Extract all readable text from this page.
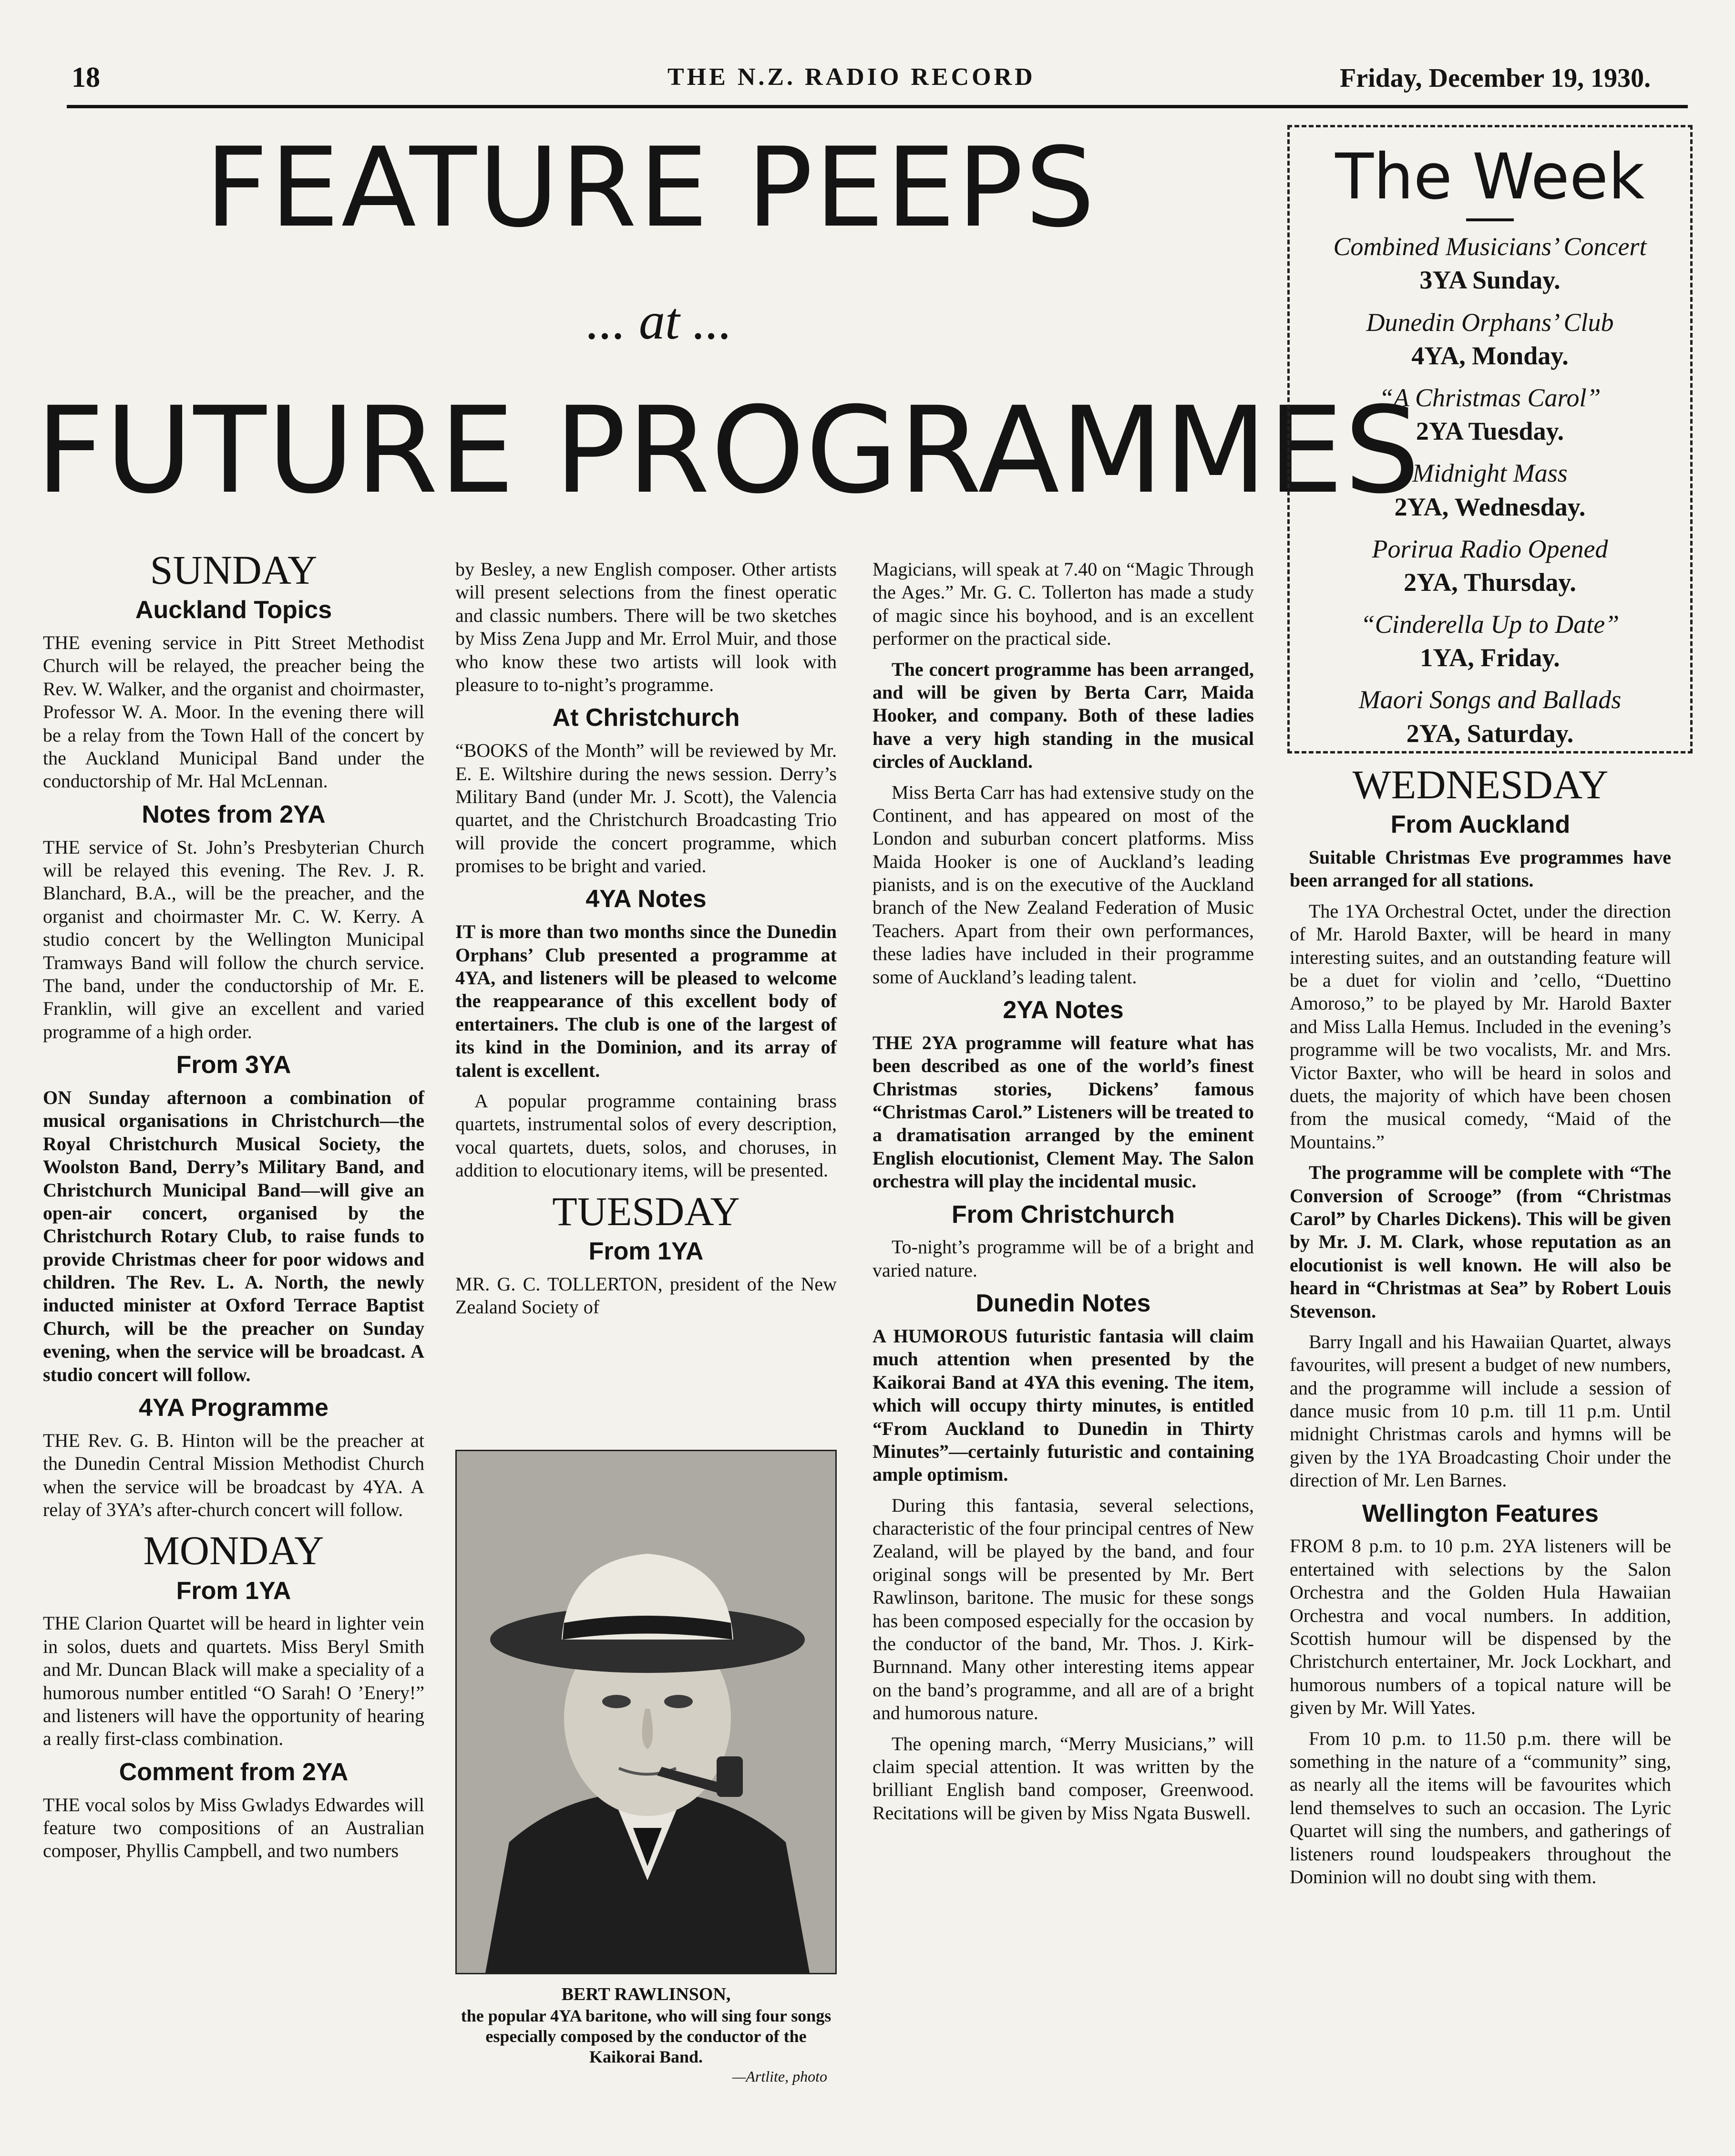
18	THE N.Z. RADIO RECORD	Friday, December 19, 1930.
FEATURE PEEPS
... at ...
FUTURE PROGRAMMES
The Week
Combined Musicians’ Concert
3YA Sunday.
Dunedin Orphans’ Club
4YA, Monday.
“A Christmas Carol”
2YA Tuesday.
Midnight Mass
2YA, Wednesday.
Porirua Radio Opened
2YA, Thursday.
“Cinderella Up to Date”
1YA, Friday.
Maori Songs and Ballads
2YA, Saturday.
SUNDAY
Auckland Topics

THE evening service in Pitt Street Methodist Church will be relayed, the preacher being the Rev. W. Walker, and the organist and choirmaster, Professor W. A. Moor. In the evening there will be a relay from the Town Hall of the concert by the Auckland Municipal Band under the conductorship of Mr. Hal McLennan.

Notes from 2YA

THE service of St. John’s Presbyterian Church will be relayed this evening. The Rev. J. R. Blanchard, B.A., will be the preacher, and the organist and choirmaster Mr. C. W. Kerry. A studio concert by the Wellington Municipal Tramways Band will follow the church service. The band, under the conductorship of Mr. E. Franklin, will give an excellent and varied programme of a high order.

From 3YA

ON Sunday afternoon a combination of musical organisations in Christchurch—the Royal Christchurch Musical Society, the Woolston Band, Derry’s Military Band, and Christchurch Municipal Band—will give an open-air concert, organised by the Christchurch Rotary Club, to raise funds to provide Christmas cheer for poor widows and children. The Rev. L. A. North, the newly inducted minister at Oxford Terrace Baptist Church, will be the preacher on Sunday evening, when the service will be broadcast. A studio concert will follow.

4YA Programme

THE Rev. G. B. Hinton will be the preacher at the Dunedin Central Mission Methodist Church when the service will be broadcast by 4YA. A relay of 3YA’s after-church concert will follow.

MONDAY
From 1YA

THE Clarion Quartet will be heard in lighter vein in solos, duets and quartets. Miss Beryl Smith and Mr. Duncan Black will make a speciality of a humorous number entitled “O Sarah! O ’Enery!” and listeners will have the opportunity of hearing a really first-class combination.

Comment from 2YA

THE vocal solos by Miss Gwladys Edwardes will feature two compositions of an Australian composer, Phyllis Campbell, and two numbers

by Besley, a new English composer. Other artists will present selections from the finest operatic and classic numbers. There will be two sketches by Miss Zena Jupp and Mr. Errol Muir, and those who know these two artists will look with pleasure to to-night’s programme.

At Christchurch

“BOOKS of the Month” will be reviewed by Mr. E. E. Wiltshire during the news session. Derry’s Military Band (under Mr. J. Scott), the Valencia quartet, and the Christchurch Broadcasting Trio will provide the concert programme, which promises to be bright and varied.

4YA Notes

IT is more than two months since the Dunedin Orphans’ Club presented a programme at 4YA, and listeners will be pleased to welcome the reappearance of this excellent body of entertainers. The club is one of the largest of its kind in the Dominion, and its array of talent is excellent.

A popular programme containing brass quartets, instrumental solos of every description, vocal quartets, duets, solos, and choruses, in addition to elocutionary items, will be presented.

TUESDAY
From 1YA

MR. G. C. TOLLERTON, president of the New Zealand Society of

BERT RAWLINSON,
the popular 4YA baritone, who will sing four songs especially composed by the conductor of the Kaikorai Band.
—Artlite, photo

Magicians, will speak at 7.40 on “Magic Through the Ages.” Mr. G. C. Tollerton has made a study of magic since his boyhood, and is an excellent performer on the practical side.

The concert programme has been arranged, and will be given by Berta Carr, Maida Hooker, and company. Both of these ladies have a very high standing in the musical circles of Auckland.

Miss Berta Carr has had extensive study on the Continent, and has appeared on most of the London and suburban concert platforms. Miss Maida Hooker is one of Auckland’s leading pianists, and is on the executive of the Auckland branch of the New Zealand Federation of Music Teachers. Apart from their own performances, these ladies have included in their programme some of Auckland’s leading talent.

2YA Notes

THE 2YA programme will feature what has been described as one of the world’s finest Christmas stories, Dickens’ famous “Christmas Carol.” Listeners will be treated to a dramatisation arranged by the eminent English elocutionist, Clement May. The Salon orchestra will play the incidental music.

From Christchurch

To-night’s programme will be of a bright and varied nature.

Dunedin Notes

A HUMOROUS futuristic fantasia will claim much attention when presented by the Kaikorai Band at 4YA this evening. The item, which will occupy thirty minutes, is entitled “From Auckland to Dunedin in Thirty Minutes”—certainly futuristic and containing ample optimism.

During this fantasia, several selections, characteristic of the four principal centres of New Zealand, will be played by the band, and four original songs will be presented by Mr. Bert Rawlinson, baritone. The music for these songs has been composed especially for the occasion by the conductor of the band, Mr. Thos. J. Kirk-Burnnand. Many other interesting items appear on the band’s programme, and all are of a bright and humorous nature.

The opening march, “Merry Musicians,” will claim special attention. It was written by the brilliant English band composer, Greenwood. Recitations will be given by Miss Ngata Buswell.

WEDNESDAY
From Auckland

Suitable Christmas Eve programmes have been arranged for all stations.

The 1YA Orchestral Octet, under the direction of Mr. Harold Baxter, will be heard in many interesting suites, and an outstanding feature will be a duet for violin and ’cello, “Duettino Amoroso,” to be played by Mr. Harold Baxter and Miss Lalla Hemus. Included in the evening’s programme will be two vocalists, Mr. and Mrs. Victor Baxter, who will be heard in solos and duets, the majority of which have been chosen from the musical comedy, “Maid of the Mountains.”

The programme will be complete with “The Conversion of Scrooge” (from “Christmas Carol” by Charles Dickens). This will be given by Mr. J. M. Clark, whose reputation as an elocutionist is well known. He will also be heard in “Christmas at Sea” by Robert Louis Stevenson.

Barry Ingall and his Hawaiian Quartet, always favourites, will present a budget of new numbers, and the programme will include a session of dance music from 10 p.m. till 11 p.m. Until midnight Christmas carols and hymns will be given by the 1YA Broadcasting Choir under the direction of Mr. Len Barnes.

Wellington Features

FROM 8 p.m. to 10 p.m. 2YA listeners will be entertained with selections by the Salon Orchestra and the Golden Hula Hawaiian Orchestra and vocal numbers. In addition, Scottish humour will be dispensed by the Christchurch entertainer, Mr. Jock Lockhart, and humorous numbers of a topical nature will be given by Mr. Will Yates.

From 10 p.m. to 11.50 p.m. there will be something in the nature of a “community” sing, as nearly all the items will be favourites which lend themselves to such an occasion. The Lyric Quartet will sing the numbers, and gatherings of listeners round loudspeakers throughout the Dominion will no doubt sing with them.
